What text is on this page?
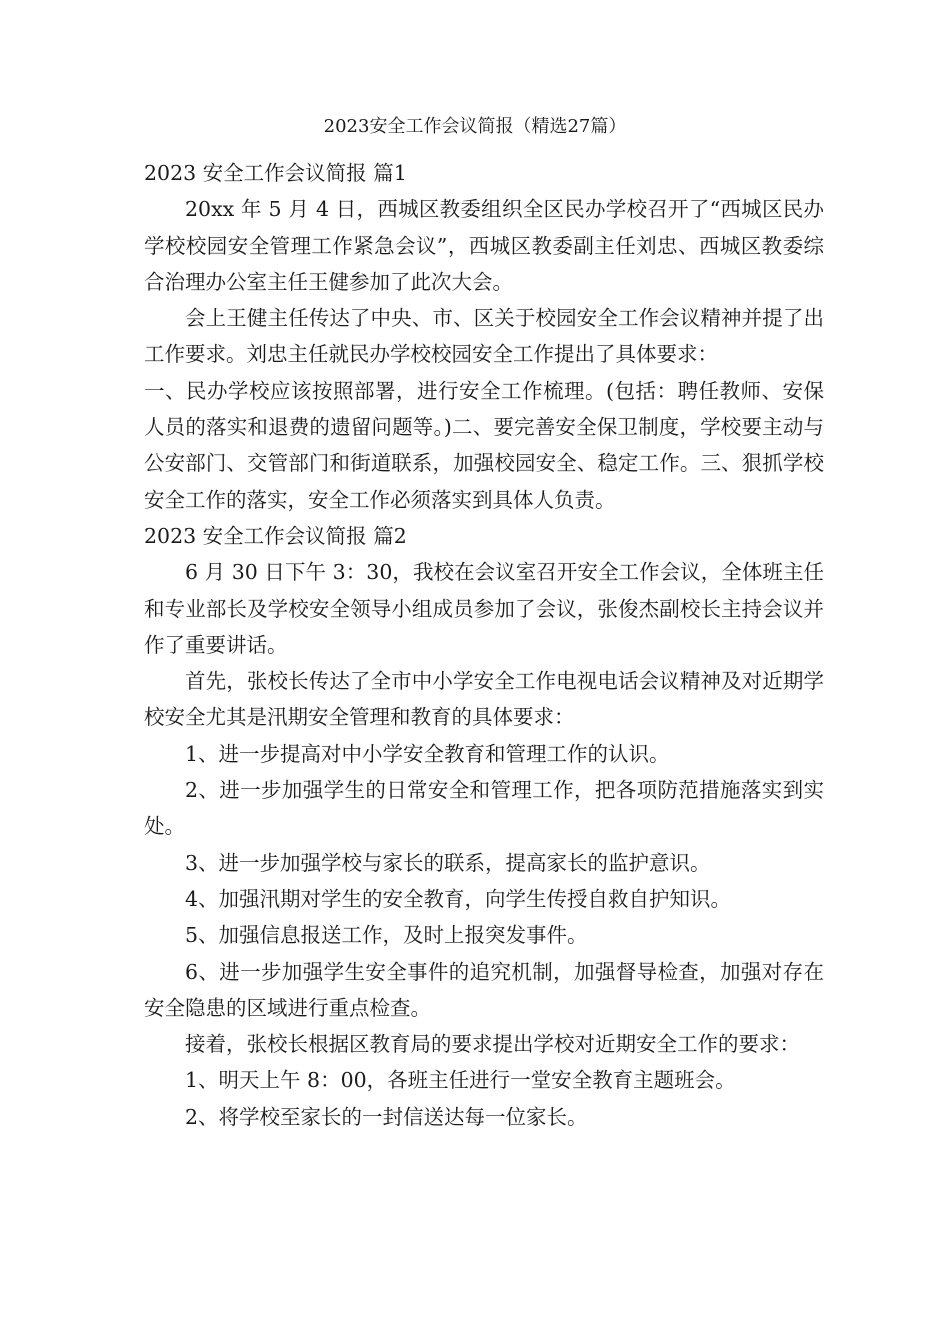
2023安全工作会议简报（精选27篇）

2023 安全工作会议简报 篇1

20xx 年 5 月 4 日，西城区教委组织全区民办学校召开了“西城区民办学校校园安全管理工作紧急会议”，西城区教委副主任刘忠、西城区教委综合治理办公室主任王健参加了此次大会。

会上王健主任传达了中央、市、区关于校园安全工作会议精神并提了出工作要求。刘忠主任就民办学校校园安全工作提出了具体要求：

一、民办学校应该按照部署，进行安全工作梳理。(包括：聘任教师、安保人员的落实和退费的遗留问题等。)二、要完善安全保卫制度，学校要主动与公安部门、交管部门和街道联系，加强校园安全、稳定工作。三、狠抓学校安全工作的落实，安全工作必须落实到具体人负责。

2023 安全工作会议简报 篇2

6 月 30 日下午 3：30，我校在会议室召开安全工作会议，全体班主任和专业部长及学校安全领导小组成员参加了会议，张俊杰副校长主持会议并作了重要讲话。

首先，张校长传达了全市中小学安全工作电视电话会议精神及对近期学校安全尤其是汛期安全管理和教育的具体要求：

1、进一步提高对中小学安全教育和管理工作的认识。

2、进一步加强学生的日常安全和管理工作，把各项防范措施落实到实处。

3、进一步加强学校与家长的联系，提高家长的监护意识。

4、加强汛期对学生的安全教育，向学生传授自救自护知识。

5、加强信息报送工作，及时上报突发事件。

6、进一步加强学生安全事件的追究机制，加强督导检查，加强对存在安全隐患的区域进行重点检查。

接着，张校长根据区教育局的要求提出学校对近期安全工作的要求：

1、明天上午 8：00，各班主任进行一堂安全教育主题班会。

2、将学校至家长的一封信送达每一位家长。
